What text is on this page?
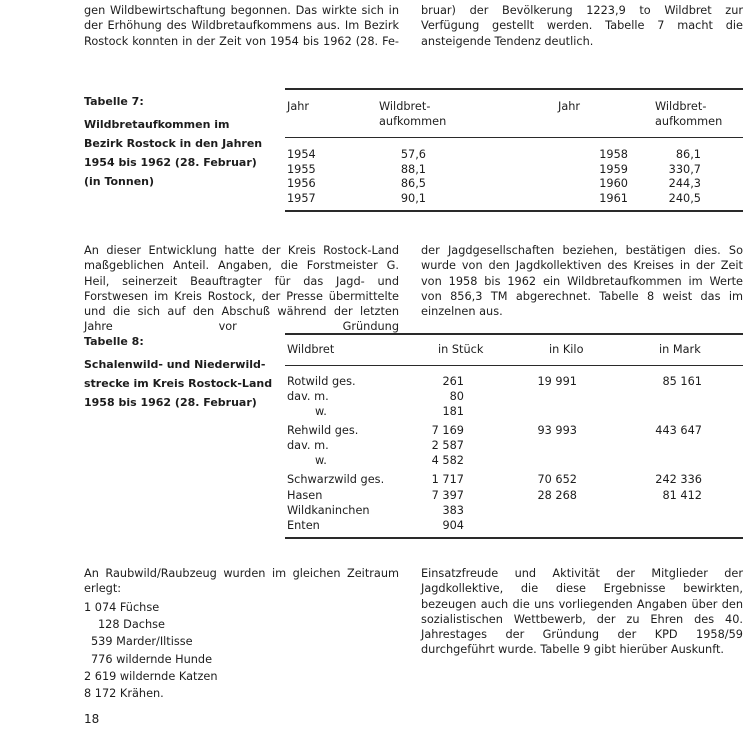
gen Wildbewirtschaftung begonnen. Das wirkte sich in der Erhöhung des Wildbretaufkommens aus. Im Bezirk Rostock konnten in der Zeit von 1954 bis 1962 (28. Fe-
bruar) der Bevölkerung 1223,9 to Wildbret zur Verfügung gestellt werden. Tabelle 7 macht die ansteigende Tendenz deutlich.
Tabelle 7:
Wildbretaufkommen im
Bezirk Rostock in den Jahren
1954 bis 1962 (28. Februar)
(in Tonnen)
Jahr	Wildbret-
aufkommen
Jahr	Wildbret-
aufkommen
1954	57,6	1958	86,1
1955	88,1	1959	330,7
1956	86,5	1960	244,3
1957	90,1	1961	240,5
An dieser Entwicklung hatte der Kreis Rostock-Land maßgeblichen Anteil. Angaben, die Forstmeister G. Heil, seinerzeit Beauftragter für das Jagd- und Forstwesen im Kreis Rostock, der Presse übermittelte und die sich auf den Abschuß während der letzten Jahre vor Gründung
der Jagdgesellschaften beziehen, bestätigen dies. So wurde von den Jagdkollektiven des Kreises in der Zeit von 1958 bis 1962 ein Wildbretaufkommen im Werte von 856,3 TM abgerechnet. Tabelle 8 weist das im einzelnen aus.
Tabelle 8:
Schalenwild- und Niederwild-
strecke im Kreis Rostock-Land
1958 bis 1962 (28. Februar)
Wildbret	in Stück	in Kilo	in Mark
Rotwild ges.	261	19 991	85 161
dav. m.	80		
w.	181		
Rehwild ges.	7 169	93 993	443 647
dav. m.	2 587		
w.	4 582		
Schwarzwild ges.	1 717	70 652	242 336
Hasen	7 397	28 268	81 412
Wildkaninchen	383		
Enten	904		
An Raubwild/Raubzeug wurden im gleichen Zeitraum erlegt:
1 074 Füchse
128 Dachse
539 Marder/Iltisse
776 wildernde Hunde
2 619 wildernde Katzen
8 172 Krähen.
Einsatzfreude und Aktivität der Mitglieder der Jagdkollektive, die diese Ergebnisse bewirkten, bezeugen auch die uns vorliegenden Angaben über den sozialistischen Wettbewerb, der zu Ehren des 40. Jahrestages der Gründung der KPD 1958/59 durchgeführt wurde. Tabelle 9 gibt hierüber Auskunft.
18
